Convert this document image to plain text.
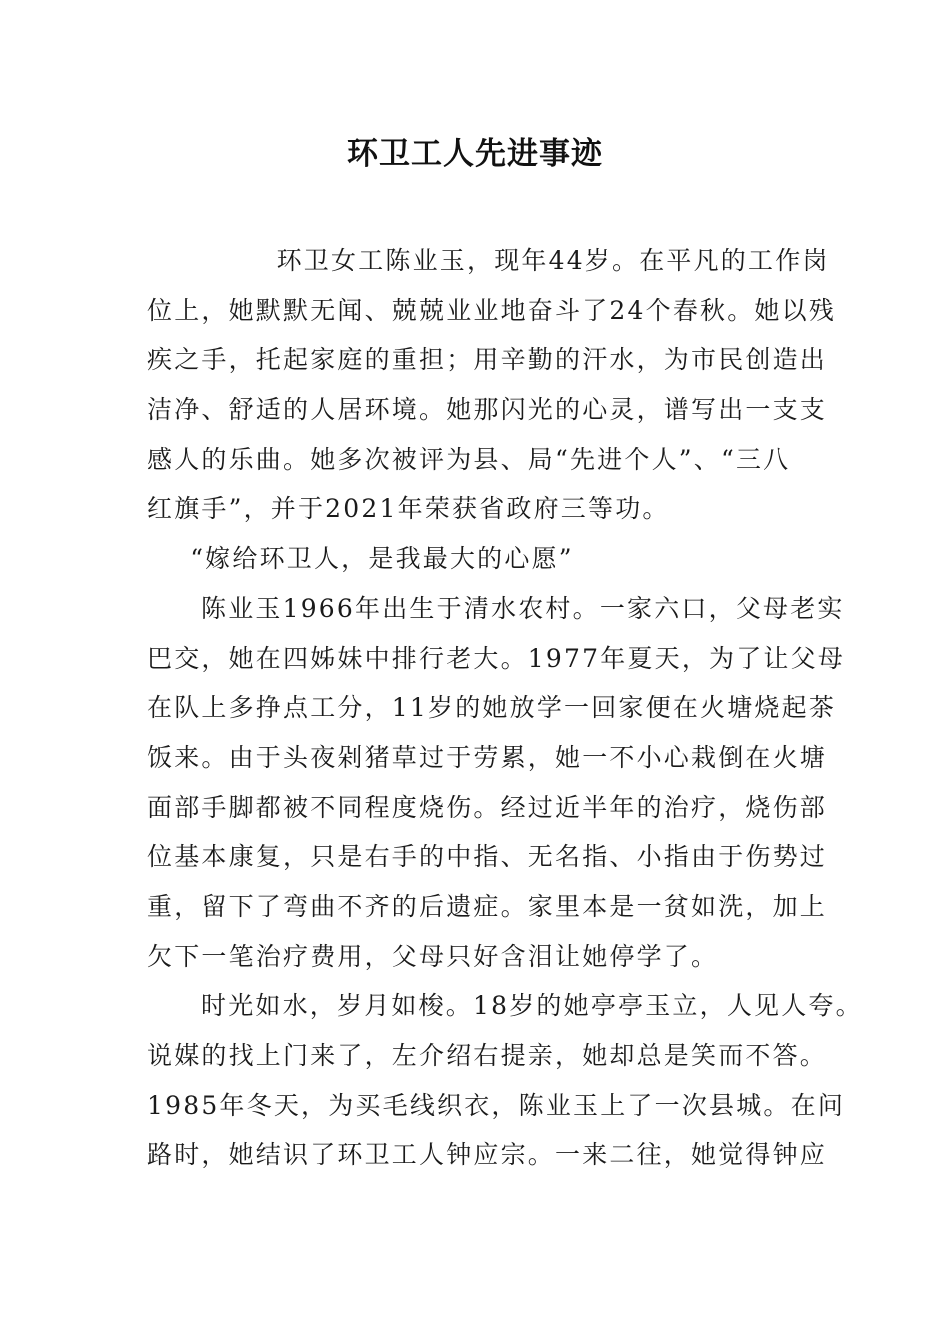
环卫工人先进事迹
环卫女工陈业玉，现年44岁。在平凡的工作岗
位上，她默默无闻、兢兢业业地奋斗了24个春秋。她以残
疾之手，托起家庭的重担；用辛勤的汗水，为市民创造出
洁净、舒适的人居环境。她那闪光的心灵，谱写出一支支
感人的乐曲。她多次被评为县、局“先进个人”、“三八
红旗手”，并于2021年荣获省政府三等功。
“嫁给环卫人，是我最大的心愿”
陈业玉1966年出生于清水农村。一家六口，父母老实
巴交，她在四姊妹中排行老大。1977年夏天，为了让父母
在队上多挣点工分，11岁的她放学一回家便在火塘烧起茶
饭来。由于头夜剁猪草过于劳累，她一不小心栽倒在火塘
面部手脚都被不同程度烧伤。经过近半年的治疗，烧伤部
位基本康复，只是右手的中指、无名指、小指由于伤势过
重，留下了弯曲不齐的后遗症。家里本是一贫如洗，加上
欠下一笔治疗费用，父母只好含泪让她停学了。
时光如水，岁月如梭。18岁的她亭亭玉立，人见人夸。
说媒的找上门来了，左介绍右提亲，她却总是笑而不答。
1985年冬天，为买毛线织衣，陈业玉上了一次县城。在问
路时，她结识了环卫工人钟应宗。一来二往，她觉得钟应
